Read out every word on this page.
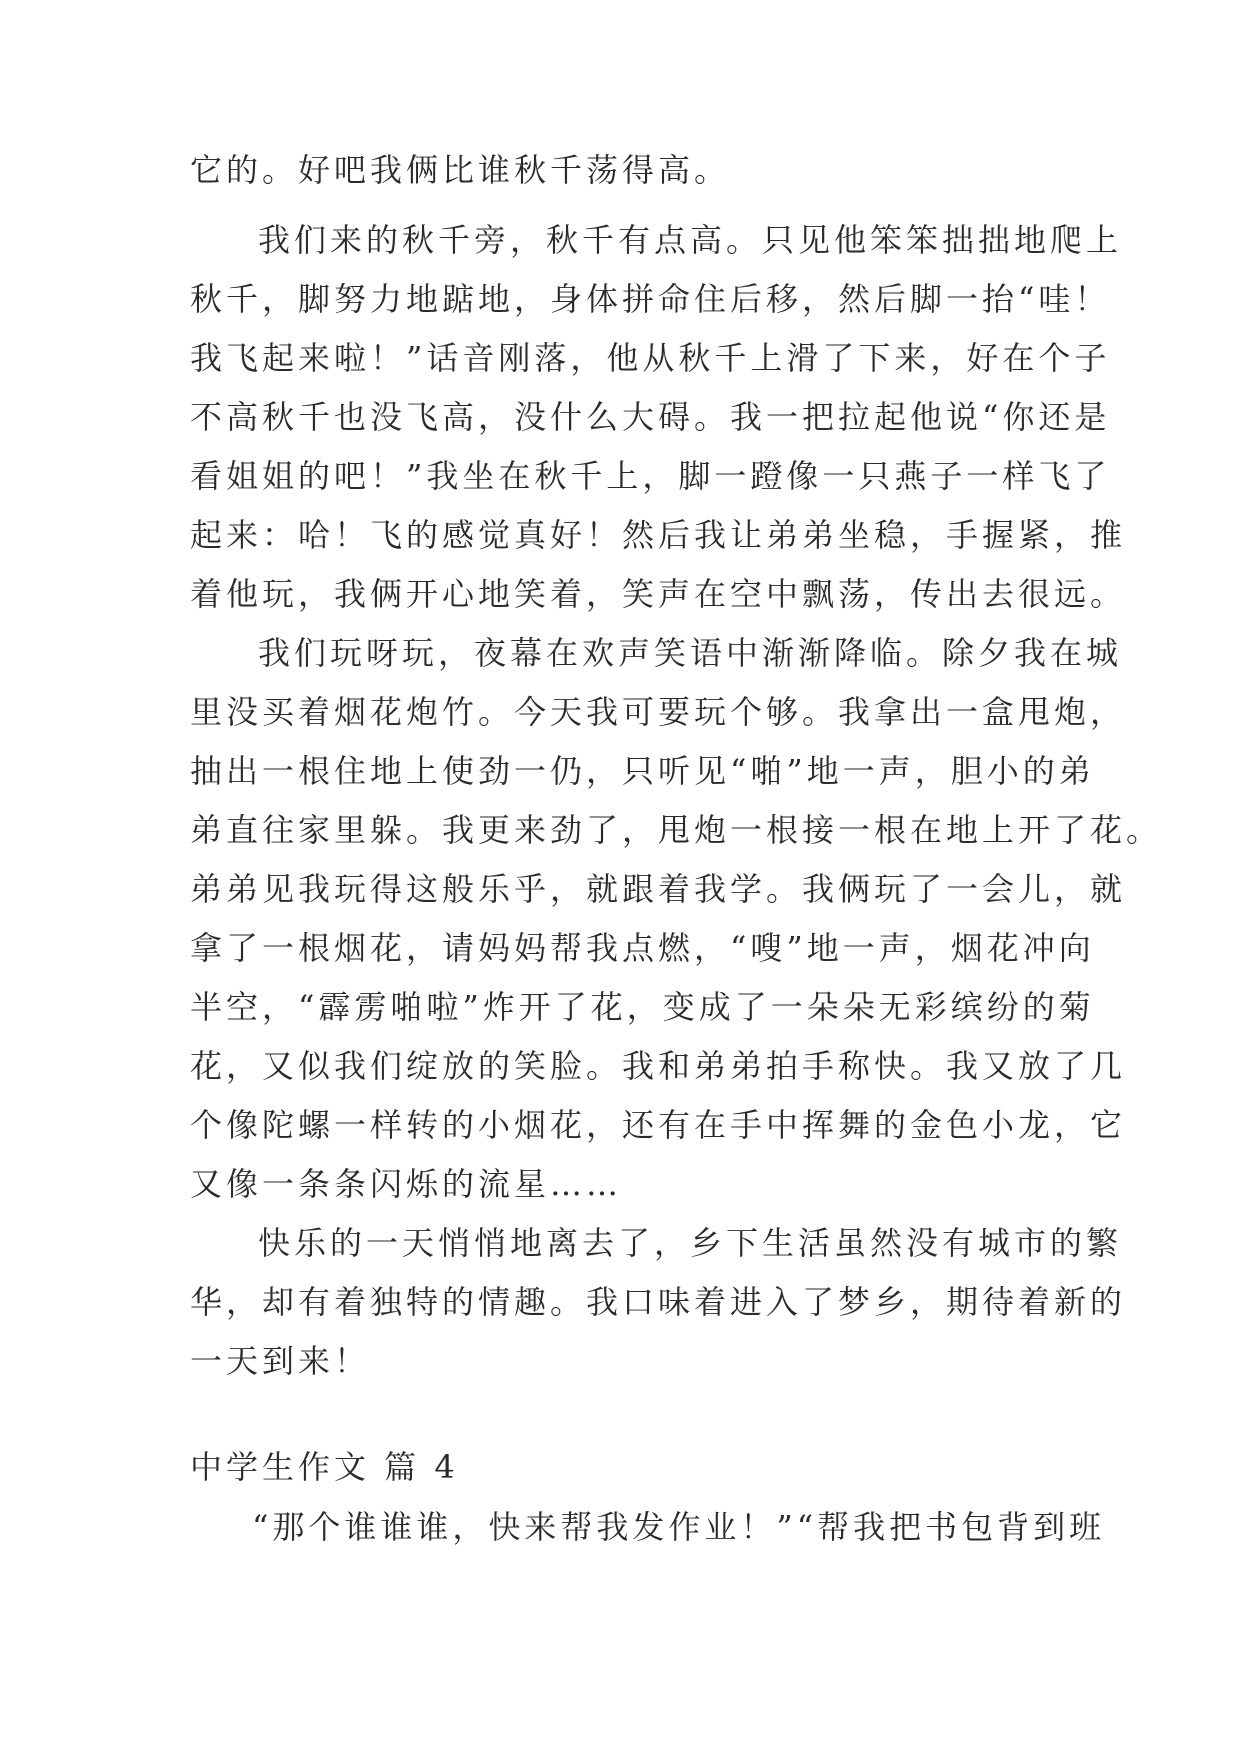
它的。好吧我俩比谁秋千荡得高。
我们来的秋千旁，秋千有点高。只见他笨笨拙拙地爬上
秋千，脚努力地踮地，身体拼命住后移，然后脚一抬“哇！
我飞起来啦！”话音刚落，他从秋千上滑了下来，好在个子
不高秋千也没飞高，没什么大碍。我一把拉起他说“你还是
看姐姐的吧！”我坐在秋千上，脚一蹬像一只燕子一样飞了
起来：哈！飞的感觉真好！然后我让弟弟坐稳，手握紧，推
着他玩，我俩开心地笑着，笑声在空中飘荡，传出去很远。
我们玩呀玩，夜幕在欢声笑语中渐渐降临。除夕我在城
里没买着烟花炮竹。今天我可要玩个够。我拿出一盒甩炮，
抽出一根住地上使劲一仍，只听见“啪”地一声，胆小的弟
弟直往家里躲。我更来劲了，甩炮一根接一根在地上开了花。
弟弟见我玩得这般乐乎，就跟着我学。我俩玩了一会儿，就
拿了一根烟花，请妈妈帮我点燃，“嗖”地一声，烟花冲向
半空，“霹雳啪啦”炸开了花，变成了一朵朵无彩缤纷的菊
花，又似我们绽放的笑脸。我和弟弟拍手称快。我又放了几
个像陀螺一样转的小烟花，还有在手中挥舞的金色小龙，它
又像一条条闪烁的流星……
快乐的一天悄悄地离去了，乡下生活虽然没有城市的繁
华，却有着独特的情趣。我口味着进入了梦乡，期待着新的
一天到来！
中学生作文 篇 4
“那个谁谁谁，快来帮我发作业！”“帮我把书包背到班
